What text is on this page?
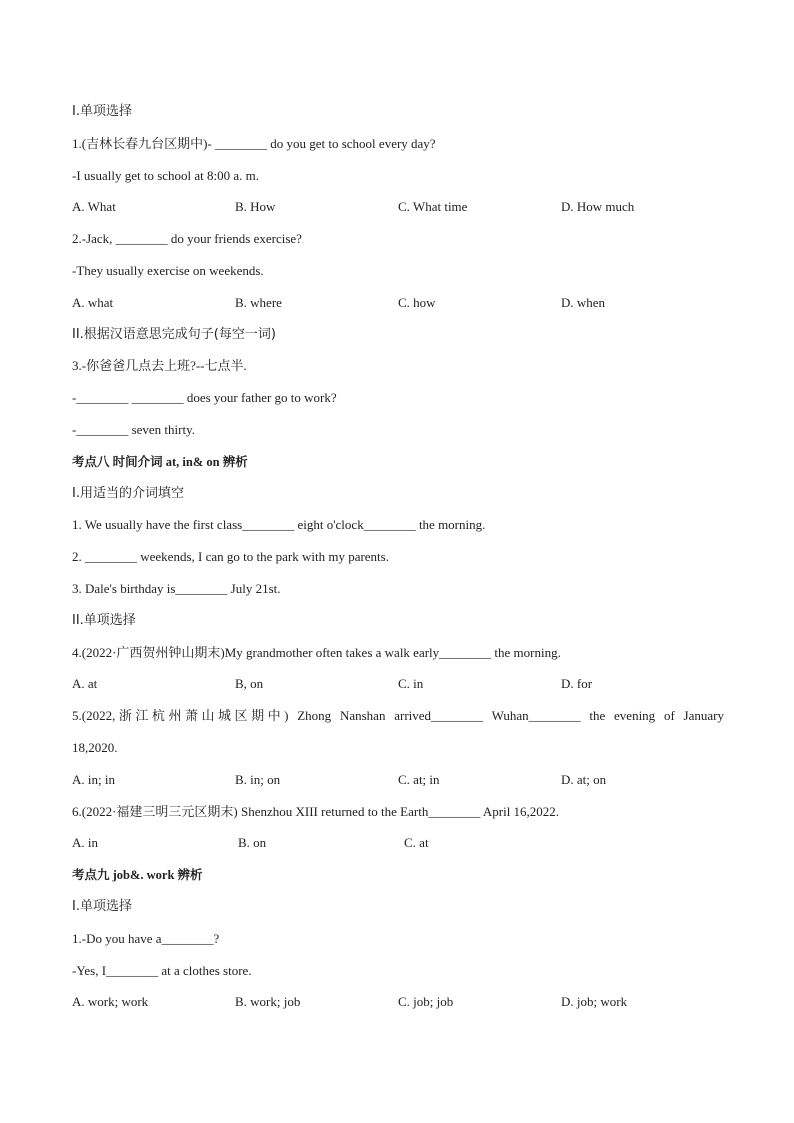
I.单项选择
1.(吉林长春九台区期中)- ________ do you get to school every day?
-I usually get to school at 8:00 a. m.
A. What	B. How	C. What time	D. How much
2.-Jack, ________ do your friends exercise?
-They usually exercise on weekends.
A. what	B. where	C. how	D. when
II.根据汉语意思完成句子(每空一词)
3.-你爸爸几点去上班?--七点半.
-________ ________ does your father go to work?
-________ seven thirty.
考点八 时间介词 at, in& on 辨析
I.用适当的介词填空
1. We usually have the first class________ eight o'clock________ the morning.
2. ________ weekends, I can go to the park with my parents.
3. Dale's birthday is________ July 21st.
II.单项选择
4.(2022·广西贺州钟山期末)My grandmother often takes a walk early________ the morning.
A. at	B, on	C. in	D. for
5.(2022,浙江杭州萧山城区期中) Zhong Nanshan arrived________ Wuhan________ the evening of January
18,2020.
A. in; in	B. in; on	C. at; in	D. at; on
6.(2022·福建三明三元区期末) Shenzhou XIII returned to the Earth________ April 16,2022.
A. in	B. on	C. at
考点九 job&. work 辨析
I.单项选择
1.-Do you have a________?
-Yes, I________ at a clothes store.
A. work; work	B. work; job	C. job; job	D. job; work
